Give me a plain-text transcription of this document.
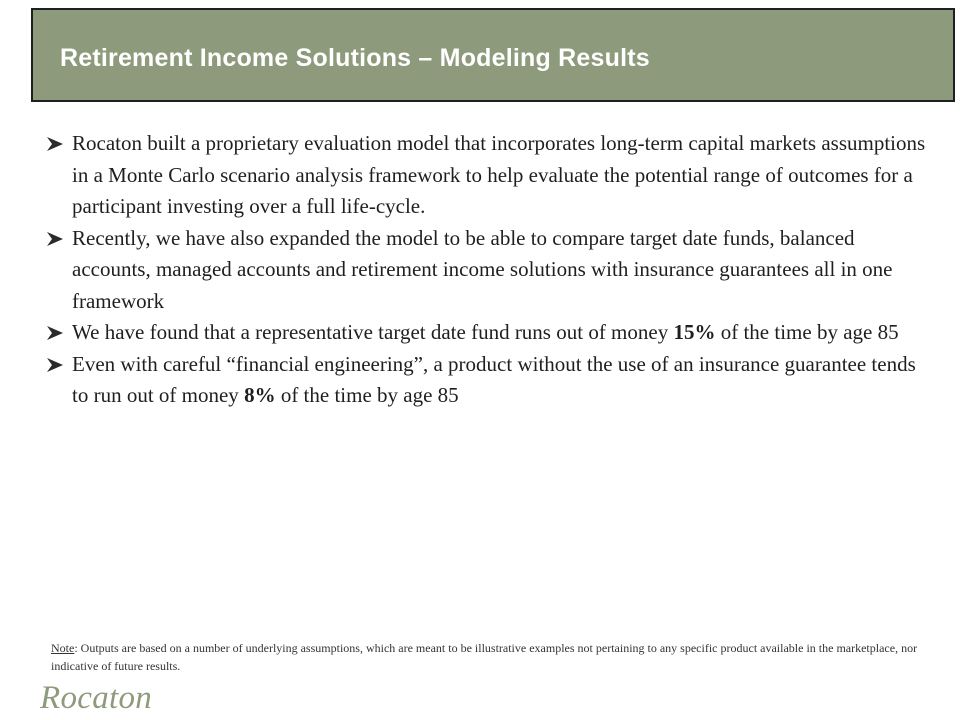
Retirement Income Solutions – Modeling Results
Rocaton built a proprietary evaluation model that incorporates long-term capital markets assumptions in a Monte Carlo scenario analysis framework to help evaluate the potential range of outcomes for a participant investing over a full life-cycle.
Recently, we have also expanded the model to be able to compare target date funds, balanced accounts, managed accounts and retirement income solutions with insurance guarantees all in one framework
We have found that a representative target date fund runs out of money 15% of the time by age 85
Even with careful “financial engineering”, a product without the use of an insurance guarantee tends to run out of money 8% of the time by age 85
Note: Outputs are based on a number of underlying assumptions, which are meant to be illustrative examples not pertaining to any specific product available in the marketplace, nor indicative of future results.
Rocaton
